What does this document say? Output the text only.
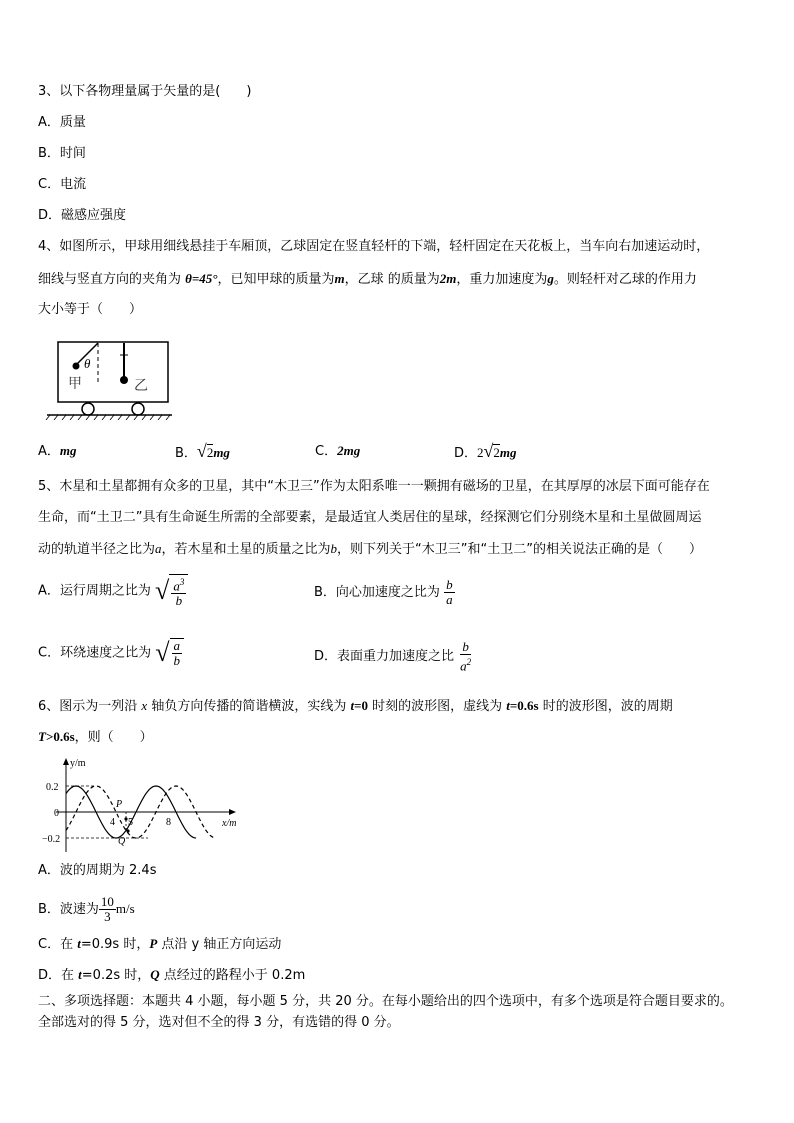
3、以下各物理量属于矢量的是(　　)
A．质量
B．时间
C．电流
D．磁感应强度
4、如图所示，甲球用细线悬挂于车厢顶，乙球固定在竖直轻杆的下端，轻杆固定在天花板上，当车向右加速运动时，
细线与竖直方向的夹角为 θ=45°，已知甲球的质量为m，乙球 的质量为2m，重力加速度为g。则轻杆对乙球的作用力
大小等于（　　）
θ
甲	乙
A．mg	B．√2mg	C．2mg	D．2√2mg
5、木星和土星都拥有众多的卫星，其中“木卫三”作为太阳系唯一一颗拥有磁场的卫星，在其厚厚的冰层下面可能存在
生命，而“土卫二”具有生命诞生所需的全部要素，是最适宜人类居住的星球，经探测它们分别绕木星和土星做圆周运
动的轨道半径之比为a，若木星和土星的质量之比为b，则下列关于“木卫三”和“土卫二”的相关说法正确的是（　　）
A．运行周期之比为 √ $a^3$
b
B．向心加速度之比为 $\frac{b}{a}$
C．环绕速度之比为 √ a
b	D．表面重力加速度之比 $\frac{b}{a^2}$
6、图示为一列沿 x 轴负方向传播的简谐横波，实线为 t=0 时刻的波形图，虚线为 t=0.6s 时的波形图，波的周期
T>0.6s，则（　　）
y/m
x/m
0.2
0
−0.2
4 5	8
P
Q
A．波的周期为 2.4s
B．波速为 $\frac{10}{3} m/s$
C．在 t=0.9s 时，P 点沿 y 轴正方向运动
D．在 t=0.2s 时，Q 点经过的路程小于 0.2m
二、多项选择题：本题共 4 小题，每小题 5 分，共 20 分。在每小题给出的四个选项中，有多个选项是符合题目要求的。
全部选对的得 5 分，选对但不全的得 3 分，有选错的得 0 分。
